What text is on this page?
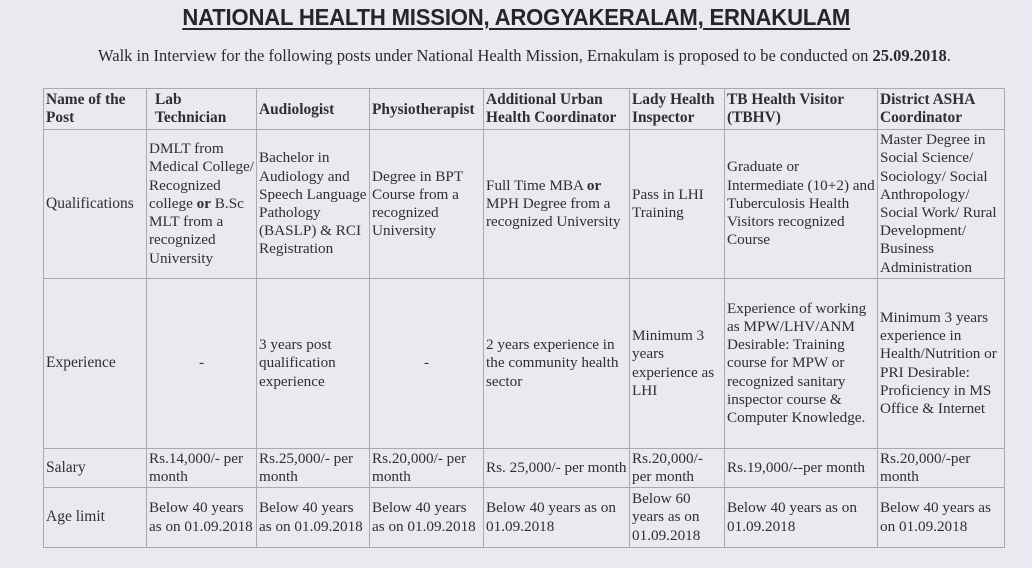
NATIONAL HEALTH MISSION, AROGYAKERALAM, ERNAKULAM
Walk in Interview for the following posts under National Health Mission, Ernakulam is proposed to be conducted on 25.09.2018.
Name of the Post	Lab Technician	Audiologist	Physiotherapist	Additional Urban Health Coordinator	Lady Health Inspector	TB Health Visitor (TBHV)	District ASHA Coordinator
Qualifications	DMLT from Medical College/ Recognized college or B.Sc MLT from a recognized University	Bachelor in Audiology and Speech Language Pathology (BASLP) & RCI Registration	Degree in BPT Course from a recognized University	Full Time MBA or MPH Degree from a recognized University	Pass in LHI Training	Graduate or Intermediate (10+2) and Tuberculosis Health Visitors recognized Course	Master Degree in Social Science/ Sociology/ Social Anthropology/ Social Work/ Rural Development/ Business Administration
Experience	-	3 years post qualification experience	-	2 years experience in the community health sector	Minimum 3 years experience as LHI	Experience of working as MPW/LHV/ANM Desirable: Training course for MPW or recognized sanitary inspector course & Computer Knowledge.	Minimum 3 years experience in Health/Nutrition or PRI Desirable: Proficiency in MS Office & Internet
Salary	Rs.14,000/- per month	Rs.25,000/- per month	Rs.20,000/- per month	Rs. 25,000/- per month	Rs.20,000/- per month	Rs.19,000/--per month	Rs.20,000/-per month
Age limit	Below 40 years as on 01.09.2018	Below 40 years as on 01.09.2018	Below 40 years as on 01.09.2018	Below 40 years as on 01.09.2018	Below 60 years as on 01.09.2018	Below 40 years as on 01.09.2018	Below 40 years as on 01.09.2018
